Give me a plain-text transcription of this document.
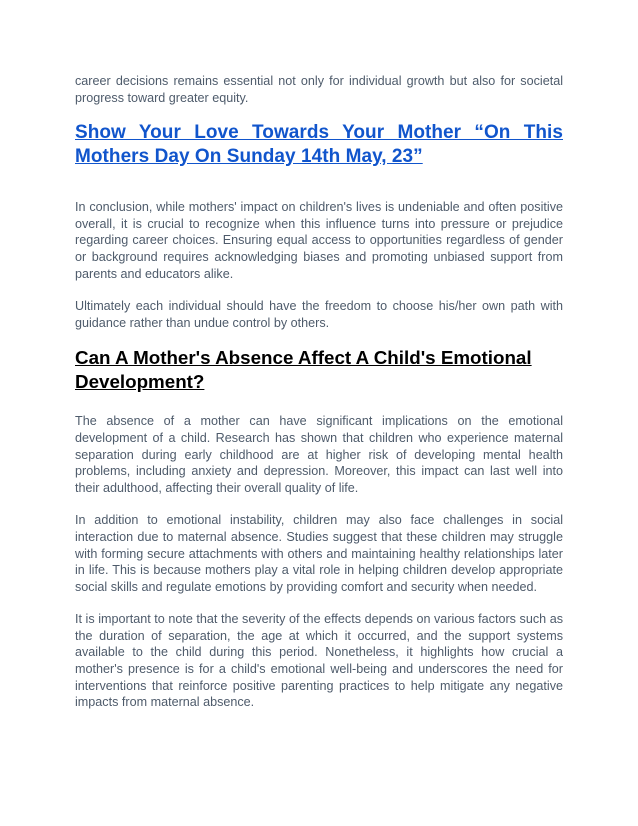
career decisions remains essential not only for individual growth but also for societal progress toward greater equity.

Show Your Love Towards Your Mother “On This Mothers Day On Sunday 14th May, 23”

In conclusion, while mothers' impact on children's lives is undeniable and often positive overall, it is crucial to recognize when this influence turns into pressure or prejudice regarding career choices. Ensuring equal access to opportunities regardless of gender or background requires acknowledging biases and promoting unbiased support from parents and educators alike.

Ultimately each individual should have the freedom to choose his/her own path with guidance rather than undue control by others.

Can A Mother's Absence Affect A Child's Emotional Development?

The absence of a mother can have significant implications on the emotional development of a child. Research has shown that children who experience maternal separation during early childhood are at higher risk of developing mental health problems, including anxiety and depression. Moreover, this impact can last well into their adulthood, affecting their overall quality of life.

In addition to emotional instability, children may also face challenges in social interaction due to maternal absence. Studies suggest that these children may struggle with forming secure attachments with others and maintaining healthy relationships later in life. This is because mothers play a vital role in helping children develop appropriate social skills and regulate emotions by providing comfort and security when needed.

It is important to note that the severity of the effects depends on various factors such as the duration of separation, the age at which it occurred, and the support systems available to the child during this period. Nonetheless, it highlights how crucial a mother's presence is for a child's emotional well-being and underscores the need for interventions that reinforce positive parenting practices to help mitigate any negative impacts from maternal absence.
